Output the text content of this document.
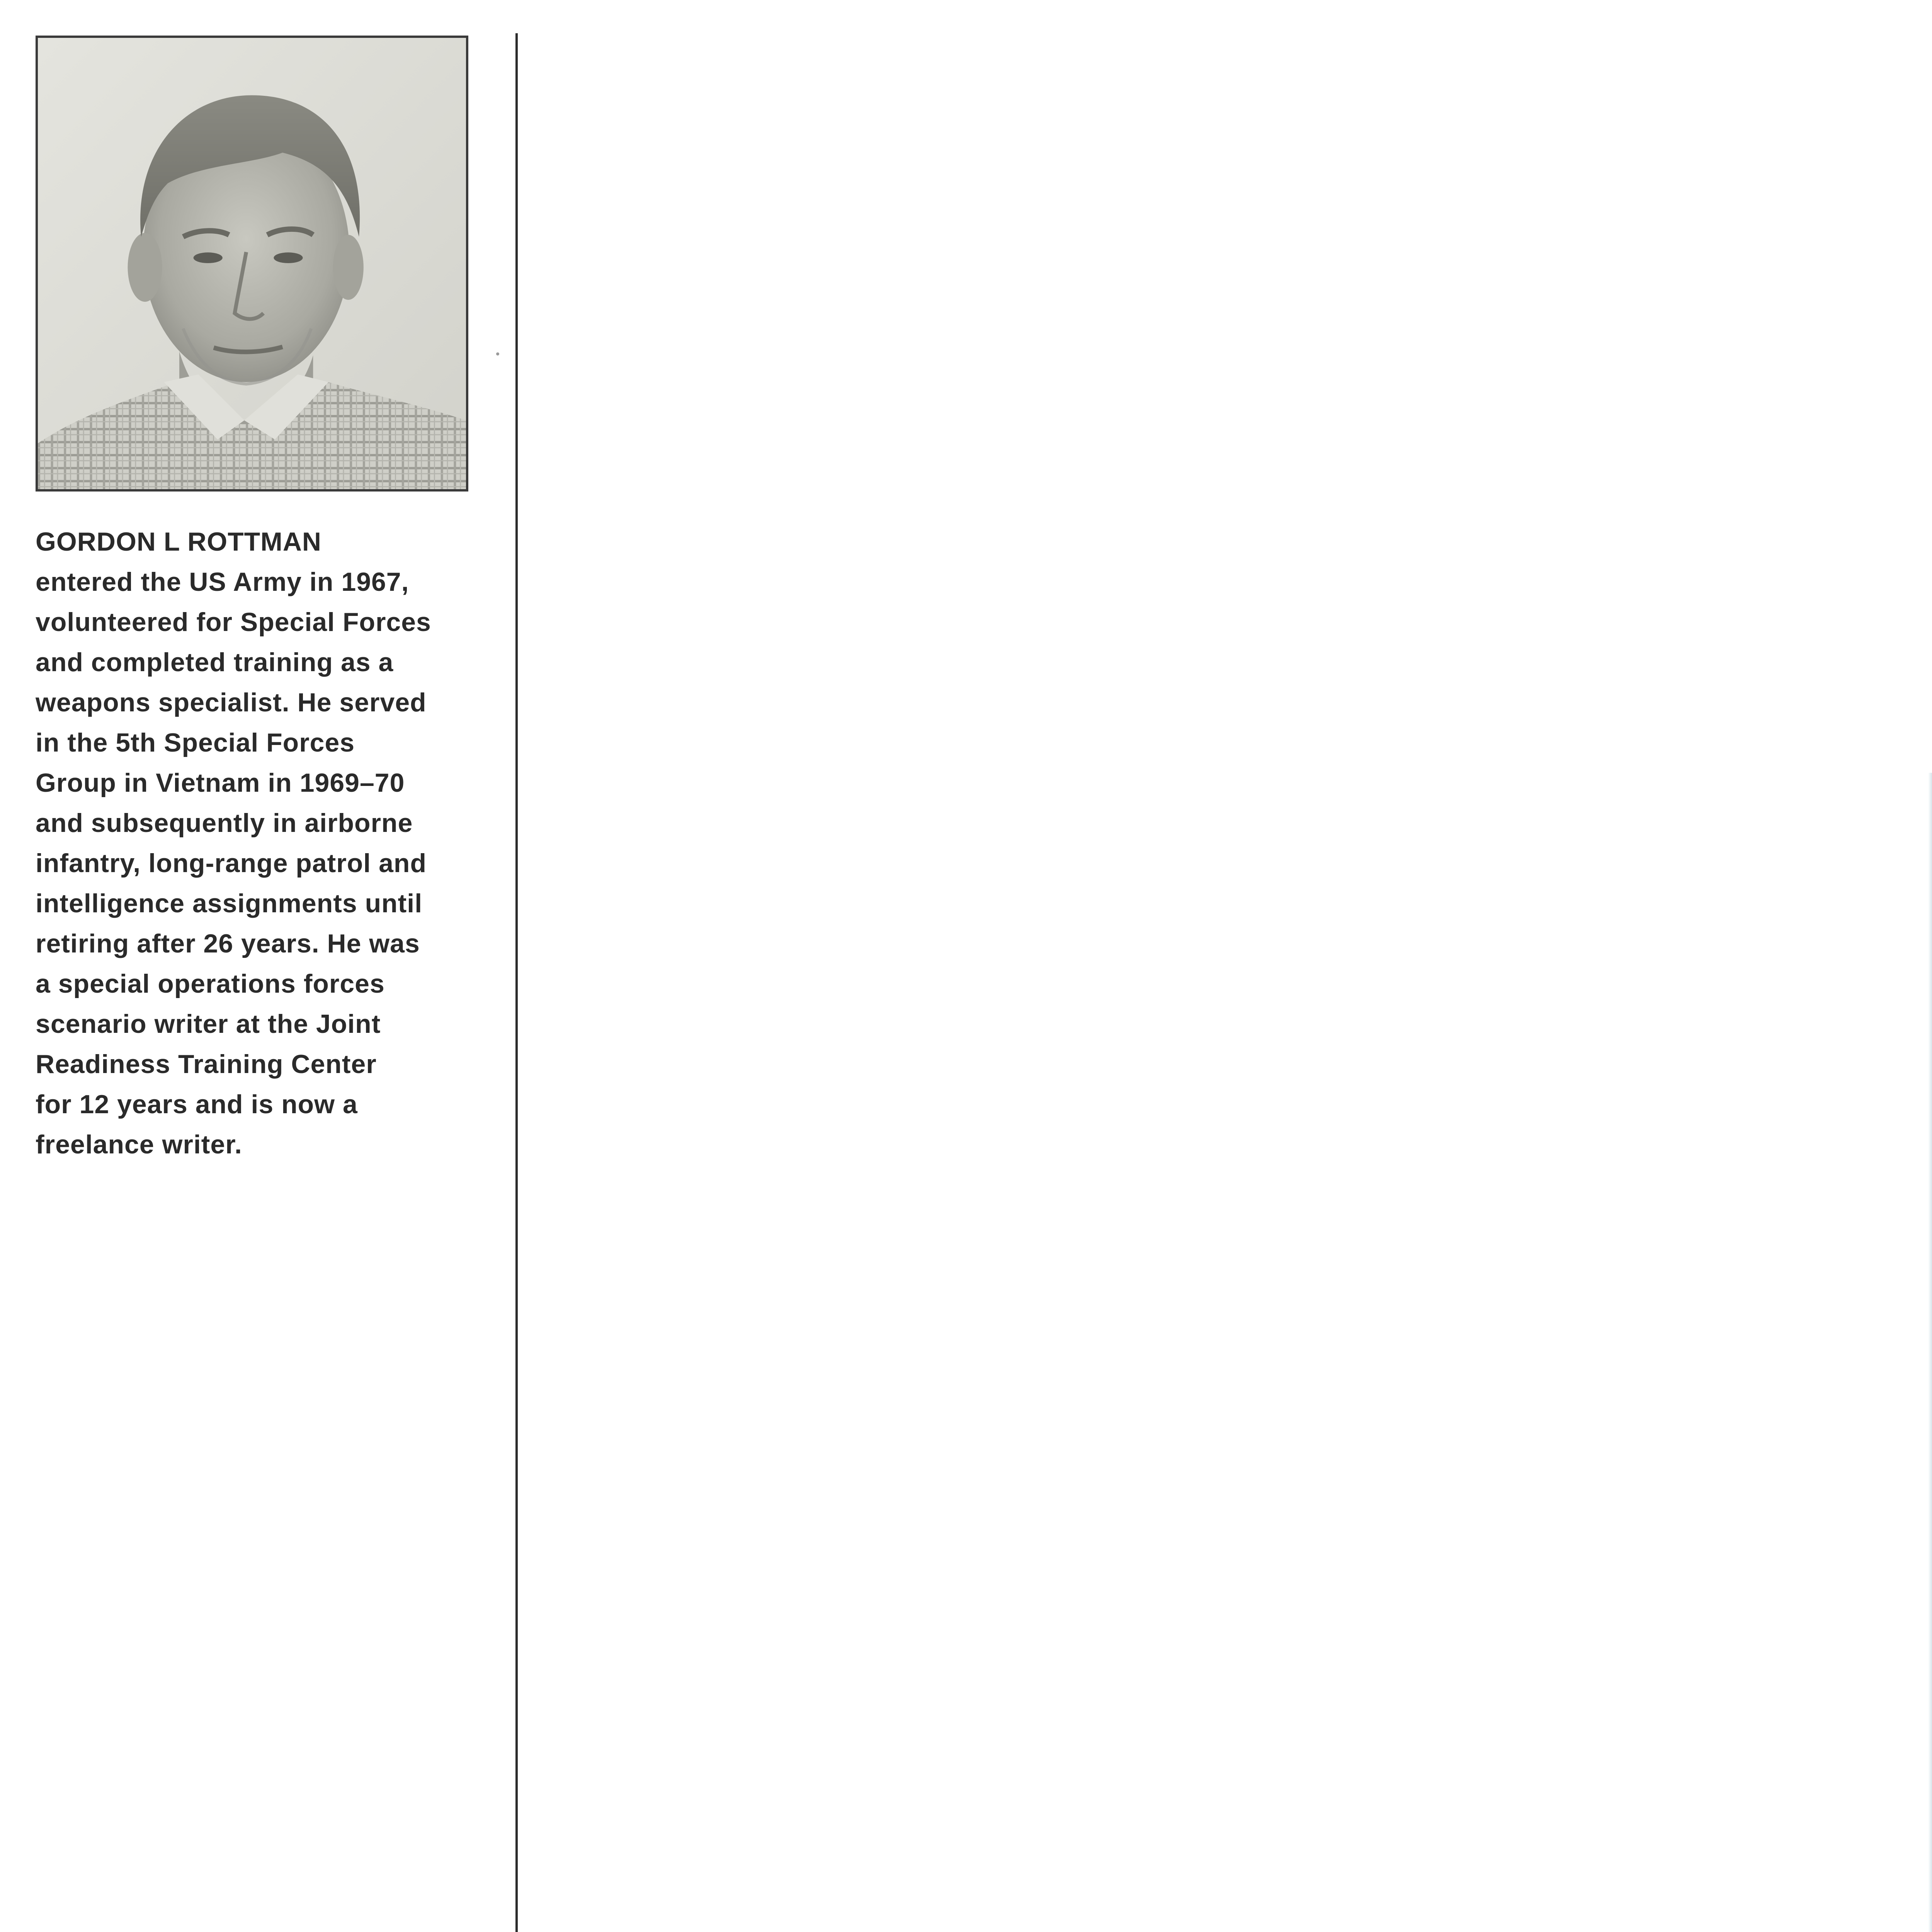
GORDON L ROTTMAN
entered the US Army in 1967,
volunteered for Special Forces
and completed training as a
weapons specialist. He served
in the 5th Special Forces
Group in Vietnam in 1969–70
and subsequently in airborne
infantry, long-range patrol and
intelligence assignments until
retiring after 26 years. He was
a special operations forces
scenario writer at the Joint
Readiness Training Center
for 12 years and is now a
freelance writer.
